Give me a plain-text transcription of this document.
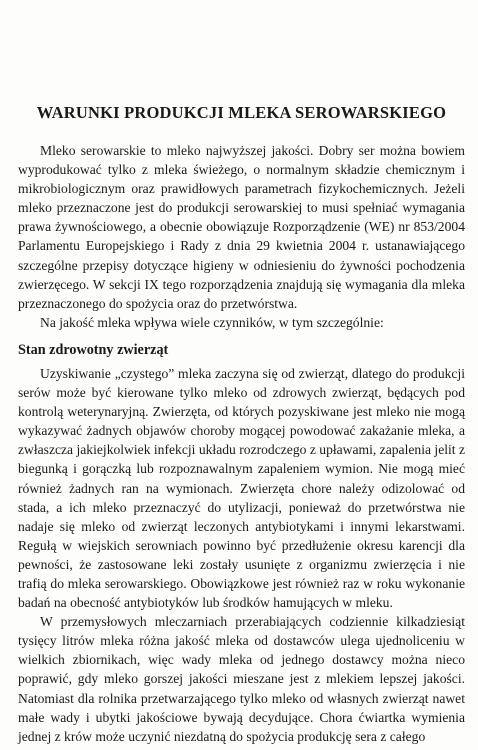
WARUNKI PRODUKCJI MLEKA SEROWARSKIEGO

Mleko serowarskie to mleko najwyższej jakości. Dobry ser można bowiem wyprodukować tylko z mleka świeżego, o normalnym składzie chemicznym i mikrobiologicznym oraz prawidłowych parametrach fizykochemicznych. Jeżeli mleko przeznaczone jest do produkcji serowarskiej to musi spełniać wymagania prawa żywnościowego, a obecnie obowiązuje Rozporządzenie (WE) nr 853/2004 Parlamentu Europejskiego i Rady z dnia 29 kwietnia 2004 r. ustanawiającego szczególne przepisy dotyczące higieny w odniesieniu do żywności pochodzenia zwierzęcego. W sekcji IX tego rozporządzenia znajdują się wymagania dla mleka przeznaczonego do spożycia oraz do przetwórstwa.

Na jakość mleka wpływa wiele czynników, w tym szczególnie:

Stan zdrowotny zwierząt

Uzyskiwanie „czystego” mleka zaczyna się od zwierząt, dlatego do produkcji serów może być kierowane tylko mleko od zdrowych zwierząt, będących pod kontrolą weterynaryjną. Zwierzęta, od których pozyskiwane jest mleko nie mogą wykazywać żadnych objawów choroby mogącej powodować zakażanie mleka, a zwłaszcza jakiejkolwiek infekcji układu rozrodczego z upławami, zapalenia jelit z biegunką i gorączką lub rozpoznawalnym zapaleniem wymion. Nie mogą mieć również żadnych ran na wymionach. Zwierzęta chore należy odizolować od stada, a ich mleko przeznaczyć do utylizacji, ponieważ do przetwórstwa nie nadaje się mleko od zwierząt leczonych antybiotykami i innymi lekarstwami. Regułą w wiejskich serowniach powinno być przedłużenie okresu karencji dla pewności, że zastosowane leki zostały usunięte z organizmu zwierzęcia i nie trafią do mleka serowarskiego. Obowiązkowe jest również raz w roku wykonanie badań na obecność antybiotyków lub środków hamujących w mleku.

W przemysłowych mleczarniach przerabiających codziennie kilkadziesiąt tysięcy litrów mleka różna jakość mleka od dostawców ulega ujednoliceniu w wielkich zbiornikach, więc wady mleka od jednego dostawcy można nieco poprawić, gdy mleko gorszej jakości mieszane jest z mlekiem lepszej jakości. Natomiast dla rolnika przetwarzającego tylko mleko od własnych zwierząt nawet małe wady i ubytki jakościowe bywają decydujące. Chora ćwiartka wymienia jednej z krów może uczynić niezdatną do spożycia produkcję sera z całego
